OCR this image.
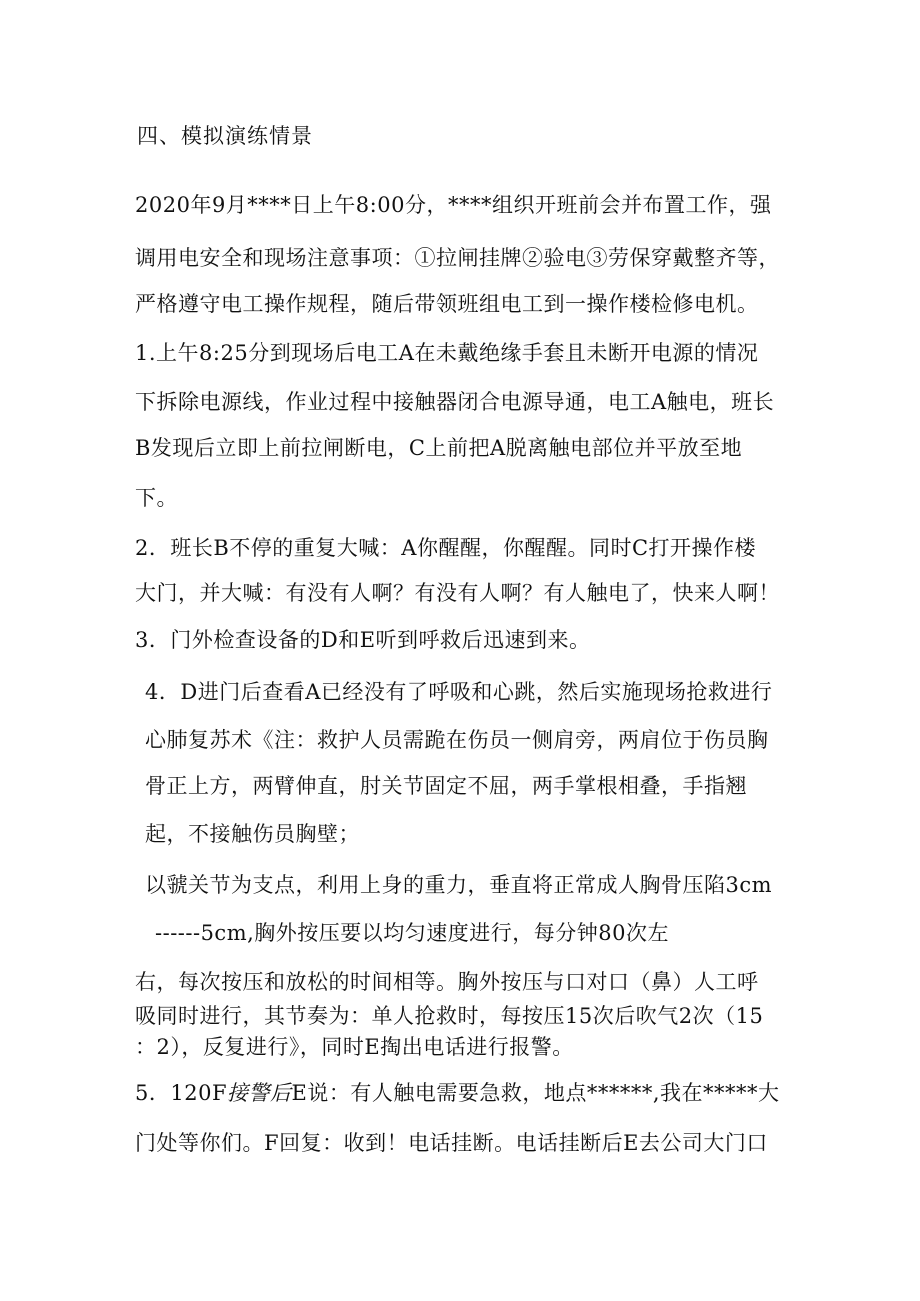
四、模拟演练情景
2020年9月****日上午8:00分，****组织开班前会并布置工作，强
调用电安全和现场注意事项：①拉闸挂牌②验电③劳保穿戴整齐等，
严格遵守电工操作规程，随后带领班组电工到一操作楼检修电机。
1.上午8:25分到现场后电工A在未戴绝缘手套且未断开电源的情况
下拆除电源线，作业过程中接触器闭合电源导通，电工A触电，班长
B发现后立即上前拉闸断电，C上前把A脱离触电部位并平放至地
下。
2．班长B不停的重复大喊：A你醒醒，你醒醒。同时C打开操作楼
大门，并大喊：有没有人啊？有没有人啊？有人触电了，快来人啊！
3．门外检查设备的D和E听到呼救后迅速到来。
4．D进门后查看A已经没有了呼吸和心跳，然后实施现场抢救进行
心肺复苏术《注：救护人员需跪在伤员一侧肩旁，两肩位于伤员胸
骨正上方，两臂伸直，肘关节固定不屈，两手掌根相叠，手指翘
起，不接触伤员胸壁；
以虢关节为支点，利用上身的重力，垂直将正常成人胸骨压陷3cm
------5cm,胸外按压要以均匀速度进行，每分钟80次左
右，每次按压和放松的时间相等。胸外按压与口对口（鼻）人工呼
吸同时进行，其节奏为：单人抢救时，每按压15次后吹气2次（15
：2），反复进行》，同时E掏出电话进行报警。
5．120F接警后E说：有人触电需要急救，地点******,我在*****大
门处等你们。F回复：收到！电话挂断。电话挂断后E去公司大门口
